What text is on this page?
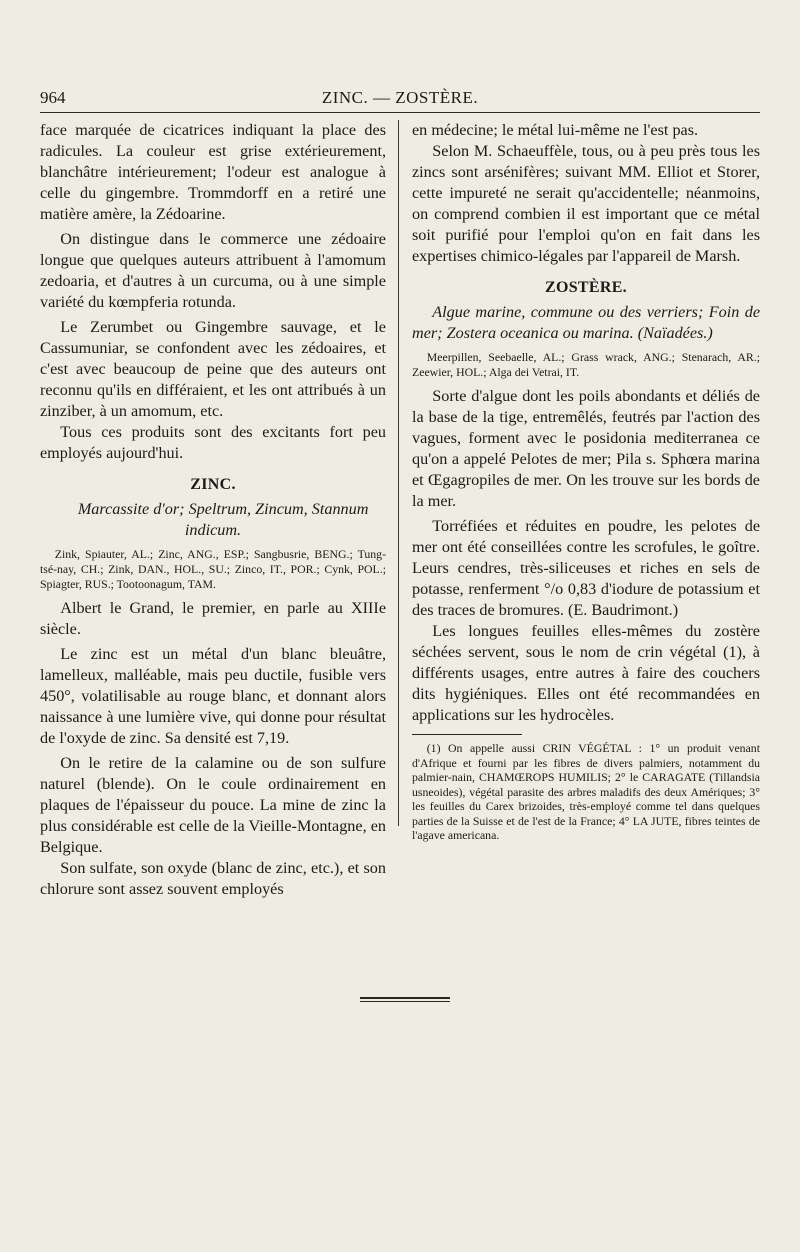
964	ZINC. — ZOSTÈRE.

face marquée de cicatrices indiquant la place des radicules. La couleur est grise extérieurement, blanchâtre intérieurement; l'odeur est analogue à celle du gingembre. Trommdorff en a retiré une matière amère, la Zédoarine.

On distingue dans le commerce une zédoaire longue que quelques auteurs attribuent à l'amomum zedoaria, et d'autres à un curcuma, ou à une simple variété du kœmpferia rotunda.

Le Zerumbet ou Gingembre sauvage, et le Cassumuniar, se confondent avec les zédoaires, et c'est avec beaucoup de peine que des auteurs ont reconnu qu'ils en différaient, et les ont attribués à un zinziber, à un amomum, etc.

Tous ces produits sont des excitants fort peu employés aujourd'hui.

ZINC.

Marcassite d'or; Speltrum, Zincum, Stannum indicum.

Zink, Spiauter, AL.; Zinc, ANG., ESP.; Sangbusrie, BENG.; Tung-tsé-nay, CH.; Zink, DAN., HOL., SU.; Zinco, IT., POR.; Cynk, POL.; Spiagter, RUS.; Tootoonagum, TAM.

Albert le Grand, le premier, en parle au XIIIe siècle.

Le zinc est un métal d'un blanc bleuâtre, lamelleux, malléable, mais peu ductile, fusible vers 450°, volatilisable au rouge blanc, et donnant alors naissance à une lumière vive, qui donne pour résultat de l'oxyde de zinc. Sa densité est 7,19.

On le retire de la calamine ou de son sulfure naturel (blende). On le coule ordinairement en plaques de l'épaisseur du pouce. La mine de zinc la plus considérable est celle de la Vieille-Montagne, en Belgique.

Son sulfate, son oxyde (blanc de zinc, etc.), et son chlorure sont assez souvent employés

en médecine; le métal lui-même ne l'est pas.

Selon M. Schaeuffèle, tous, ou à peu près tous les zincs sont arsénifères; suivant MM. Elliot et Storer, cette impureté ne serait qu'accidentelle; néanmoins, on comprend combien il est important que ce métal soit purifié pour l'emploi qu'on en fait dans les expertises chimico-légales par l'appareil de Marsh.

ZOSTÈRE.

Algue marine, commune ou des verriers; Foin de mer; Zostera oceanica ou marina. (Naïadées.)

Meerpillen, Seebaelle, AL.; Grass wrack, ANG.; Stenarach, AR.; Zeewier, HOL.; Alga dei Vetrai, IT.

Sorte d'algue dont les poils abondants et déliés de la base de la tige, entremêlés, feutrés par l'action des vagues, forment avec le posidonia mediterranea ce qu'on a appelé Pelotes de mer; Pila s. Sphœra marina et Œgagropiles de mer. On les trouve sur les bords de la mer.

Torréfiées et réduites en poudre, les pelotes de mer ont été conseillées contre les scrofules, le goître. Leurs cendres, très-siliceuses et riches en sels de potasse, renferment °/o 0,83 d'iodure de potassium et des traces de bromures. (E. Baudrimont.)

Les longues feuilles elles-mêmes du zostère séchées servent, sous le nom de crin végétal (1), à différents usages, entre autres à faire des couchers dits hygiéniques. Elles ont été recommandées en applications sur les hydrocèles.

(1) On appelle aussi CRIN VÉGÉTAL : 1° un produit venant d'Afrique et fourni par les fibres de divers palmiers, notamment du palmier-nain, CHAMŒROPS HUMILIS; 2° le CARAGATE (Tillandsia usneoides), végétal parasite des arbres maladifs des deux Amériques; 3° les feuilles du Carex brizoides, très-employé comme tel dans quelques parties de la Suisse et de l'est de la France; 4° LA JUTE, fibres teintes de l'agave americana.
